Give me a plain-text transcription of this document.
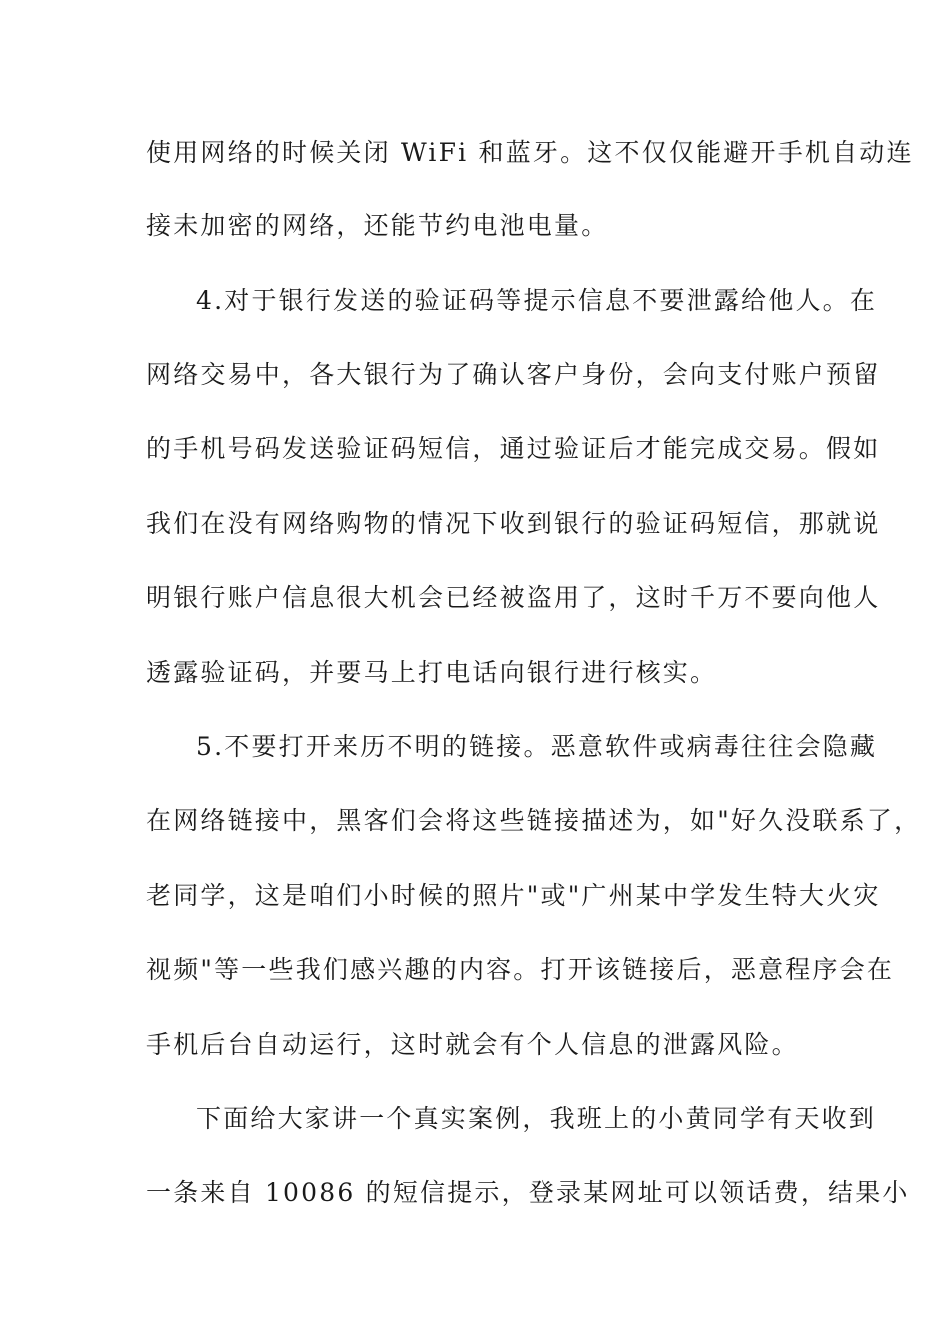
使用网络的时候关闭 WiFi 和蓝牙。这不仅仅能避开手机自动连
接未加密的网络，还能节约电池电量。
4.对于银行发送的验证码等提示信息不要泄露给他人。在
网络交易中，各大银行为了确认客户身份，会向支付账户预留
的手机号码发送验证码短信，通过验证后才能完成交易。假如
我们在没有网络购物的情况下收到银行的验证码短信，那就说
明银行账户信息很大机会已经被盗用了，这时千万不要向他人
透露验证码，并要马上打电话向银行进行核实。
5.不要打开来历不明的链接。恶意软件或病毒往往会隐藏
在网络链接中，黑客们会将这些链接描述为，如"好久没联系了，
老同学，这是咱们小时候的照片"或"广州某中学发生特大火灾
视频"等一些我们感兴趣的内容。打开该链接后，恶意程序会在
手机后台自动运行，这时就会有个人信息的泄露风险。
下面给大家讲一个真实案例，我班上的小黄同学有天收到
一条来自 10086 的短信提示，登录某网址可以领话费，结果小
